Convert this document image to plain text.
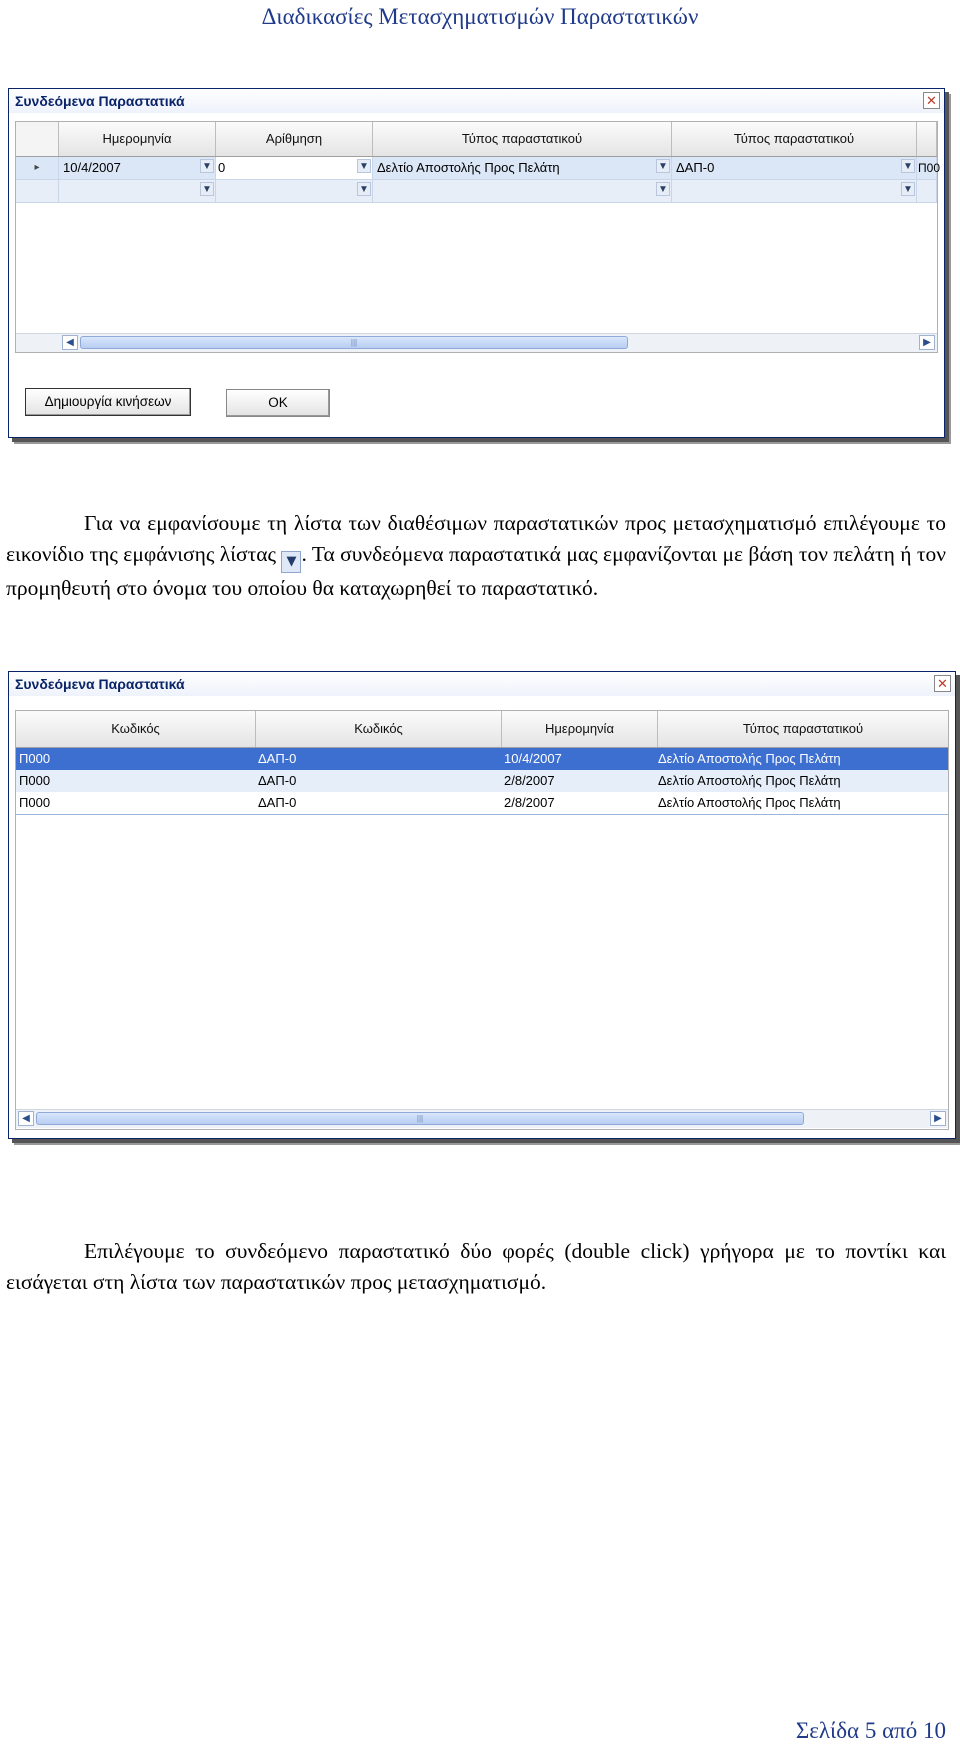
Διαδικασίες Μετασχηματισμών Παραστατικών
Συνδεόμενα Παραστατικά	✕
Ημερομηνία	Αρίθμηση	Τύπος παραστατικού	Τύπος παραστατικού
▸	10/4/2007	▼ 0	▼ Δελτίο Αποστολής Προς Πελάτη	▼ ΔΑΠ-0	▼ Π00
▼	▼	▼	▼
◀	|||	▶
Δημιουργία κινήσεων	OK
Για να εμφανίσουμε τη λίστα των διαθέσιμων παραστατικών προς μετασχηματισμό επιλέγουμε το εικονίδιο της εμφάνισης λίστας ▼ . Τα συνδεόμενα παραστατικά μας εμφανίζονται με βάση τον πελάτη ή τον προμηθευτή στο όνομα του οποίου θα καταχωρηθεί το παραστατικό.
Συνδεόμενα Παραστατικά	✕
Κωδικός	Κωδικός	Ημερομηνία	Τύπος παραστατικού
Π000	ΔΑΠ-0	10/4/2007	Δελτίο Αποστολής Προς Πελάτη
Π000	ΔΑΠ-0	2/8/2007	Δελτίο Αποστολής Προς Πελάτη
Π000	ΔΑΠ-0	2/8/2007	Δελτίο Αποστολής Προς Πελάτη
◀	|||	▶
Επιλέγουμε το συνδεόμενο παραστατικό δύο φορές (double click) γρήγορα με το ποντίκι και εισάγεται στη λίστα των παραστατικών προς μετασχηματισμό.
Σελίδα 5 από 10
